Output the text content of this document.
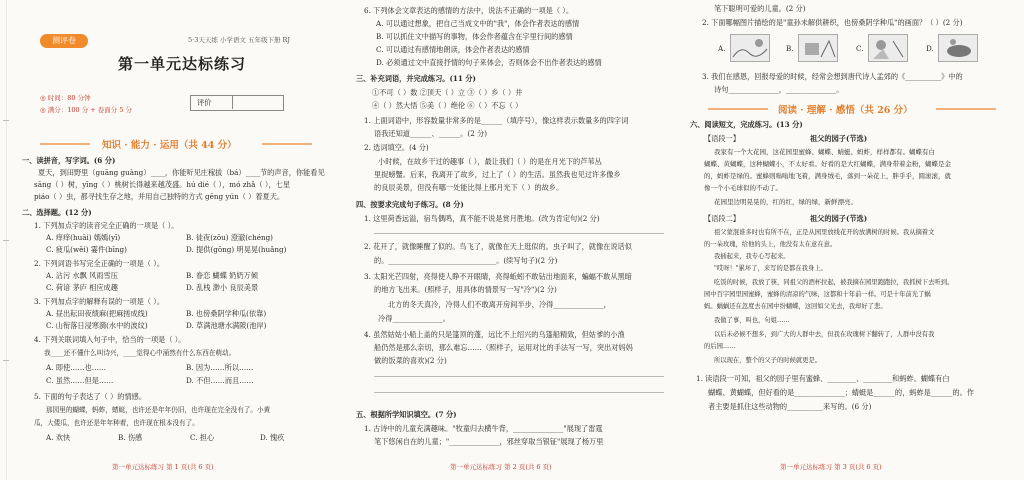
测评卷	5·3天天练 小学语文 五年级下册 RJ
第一单元达标练习
◎ 时间：80 分钟
◎ 满分：100 分 + 卷面分 5 分
评价
知识 · 能力 · 运用（共 44 分）
一、读拼音，写字词。(6 分)
夏天，到田野里（guāng guàng）____，你能听见庄稼拔（bá）____节的声音，你能看见
sāng（ ）树，yīng（ ）桃树长得越来越茂盛。hú dié（ ），mó zhǎ（ ），七星
piáo（ ）虫，都寻找生存之地，并用自己独特的方式 gēng yún（ ）着夏天。
二、选择题。(12 分)
1. 下列加点字的读音完全正确的一项是（ ）。
A. 痒痒(huāi) 嫣嫣(yī)	B. 徒夜(zōu) 澄澈(chéng)
C. 疲瓜(wěi) 霎件(bīng)	D. 提供(gōng) 明晃晃(huǎng)
2. 下列词语书写完全正确的一项是（ ）。
A. 沾污 水飘 风雨雪压	B. 眷恋 蝴蝶 奶奶万倾
C. 荷谙 茅庐 相应成趣	D. 乱栈 渺小 良辰美景
3. 下列加点字的解释有误的一项是（ ）。
A. 昼出耘田夜绩麻(把麻搓成线)	B. 也傍桑阴学种瓜(依靠)
C. 山衔落日浸寒漪(水中的波纹)	D. 草满池塘水满陂(池岸)
4. 下列关联词填入句子中，恰当的一项是（ ）。
我____还不懂什么叫诗兴，____觉得心中涌然有什么东西在萌动。
A. 即使……也……	B. 因为……所以……
C. 虽然……但是……	D. 不但……而且……
5. 下面的句子表达了（ ）的情感。
那园里的蝴蝶，蚂蚱，蜻蜓，也许还是年年仍旧，也许现在完全没有了。小黄
瓜，大倭瓜，也许还是年年种着，也许现在根本没有了。
A. 欢快	B. 伤感	C. 担心	D. 愧疚
第一单元达标练习 第 1 页(共 6 页)
6. 下列体会文章表达的感情的方法中，说法不正确的一项是（ ）。
A. 可以通过想象，把自己当成文中的"我"，体会作者表达的感情
B. 可以抓住文中描写的事物，体会作者蕴含在字里行间的感情
C. 可以通过有感情地朗读，体会作者表达的感情
D. 必须通过文中直接抒情的句子来体会，否则体会不出作者表达的感情
三、补充词语，并完成练习。(11 分)
①不可（ ）数 ②顶天（ ）立 ③（ ）乡（ ）井
④（ ）然大悟 ⑤美（ ）绝伦 ⑥（ ）不忘（ ）
1. 上面词语中，形容数量非常多的是______（填序号），像这样表示数量多的四字词
语我还知道______、______。(2 分)
2. 选词填空。(4 分)
小时候，在故乡干过的趣事（ ），最让我们（ ）的是在月光下的芦苇丛
里捉螃蟹。后来，我离开了故乡，过上了（ ）的生活。虽然我也见过许多像乡
的良辰美景，但没有哪一处能比得上那月光下（ ）的故乡。
四、按要求完成句子练习。(8 分)
1. 这里荷香远溢，宿鸟偶鸣，真不能不说是赏月胜地。(改为肯定句)(2 分)
2. 花开了，就像睡醒了似的。鸟飞了，就像在天上逛似的。虫子叫了，就像在说话似
的。______________________________。(续写句子)(2 分)
3. 太阳光芒四射，亮得使人睁不开眼睛，亮得蚯蚓不敢钻出地面来，蝙蝠不敢从黑暗
的地方飞出来。(照样子，用具体的情景写一写"冷")(2 分)
北方的冬天真冷，冷得人们不敢离开房间半步，冷得______________，
冷得______________。
4. 虽然姑姑小船上盖的只是篷顶的蓬，远比不上绍兴的乌篷船精致，但姑爹的小渔
船仍然是那么亲切，那么难忘……（照样子，运用对比的手法写一写，突出对妈妈
做的饭菜的喜欢)(2 分)
五、根据所学知识填空。(7 分)
1. 古诗中的儿童充满趣味。"牧童归去横牛背，______________"展现了雷霆
笔下悠闲自在的儿童；"______________，邪丝穿取当银钲"展现了杨万里
第一单元达标练习 第 2 页(共 6 页)
笔下聪明可爱的儿童。(2 分)
2. 下面哪幅图片描绘的是"童孙未解供耕织，也傍桑阴学种瓜"的画面？（ ）(2 分)
A.	B.	C.	D.
3. 我们在感恩，回报母爱的时候，经常会想到唐代诗人孟郊的《__________》中的
诗句______________，______________。
阅读 · 理解 · 感悟（共 26 分）
六、阅读短文，完成练习。(13 分)
【语段一】	祖父的园子(节选)
我家有一个大花园，这花园里蜜蜂、蝴蝶、蜻蜓、蚂蚱，样样都有。蝴蝶有白
蝴蝶、黄蝴蝶，这种蝴蝶小，不太好看。好看的是大红蝴蝶，满身带着金粉，蝴蝶是金
的，蚂蚱是绿的。蜜蜂则嗡嗡地飞着，满身绒毛，落到一朵花上，胖乎乎，圆滚滚，就
像一个小毛球似的不动了。
花园里边明晃晃的，红的红，绿的绿，新鲜漂亮。
【语段二】	祖父的园子(节选)
祖父蒙混谁多时也有所不在，正是从园里放线花开的放满树的时候。我从摘着文
的一朵玫瑰，给他的头上，他没有太在意在意。
我插起来，我专心写起来。
"哎呀！"累坏了，来写的是都在我身上。
吃饭的时候，我放了筷，同祖父的酒杯拉起，被我摘在园里跑跑拉，我抓树下去听到。
园中百字园里园蜜蜂，蜜蜂的清凉的气味，这都和十年前一样。可是十年前光了蜗
蚂。蜗蜗还在忽度去在园中纷蝴蝶，这回如父光去，我却好了悲。
我做了事，叫也，句姐……
以后未必候不想多，到广大的人群中去，但我在玫瑰树下翻转了，人群中没有我
的后园……
所以现在，整个的父子的时候就更是。
1. 读语段一可知，祖父的园子里有蜜蜂、________、________和蚂蚱。蝴蝶有白
蝴蝶、黄蝴蝶，但好看的是______________；蜻蜓是______的，蚂蚱是______的。作
者主要是抓住这些动物的__________来写的。(6 分)
第一单元达标练习 第 3 页(共 6 页)
